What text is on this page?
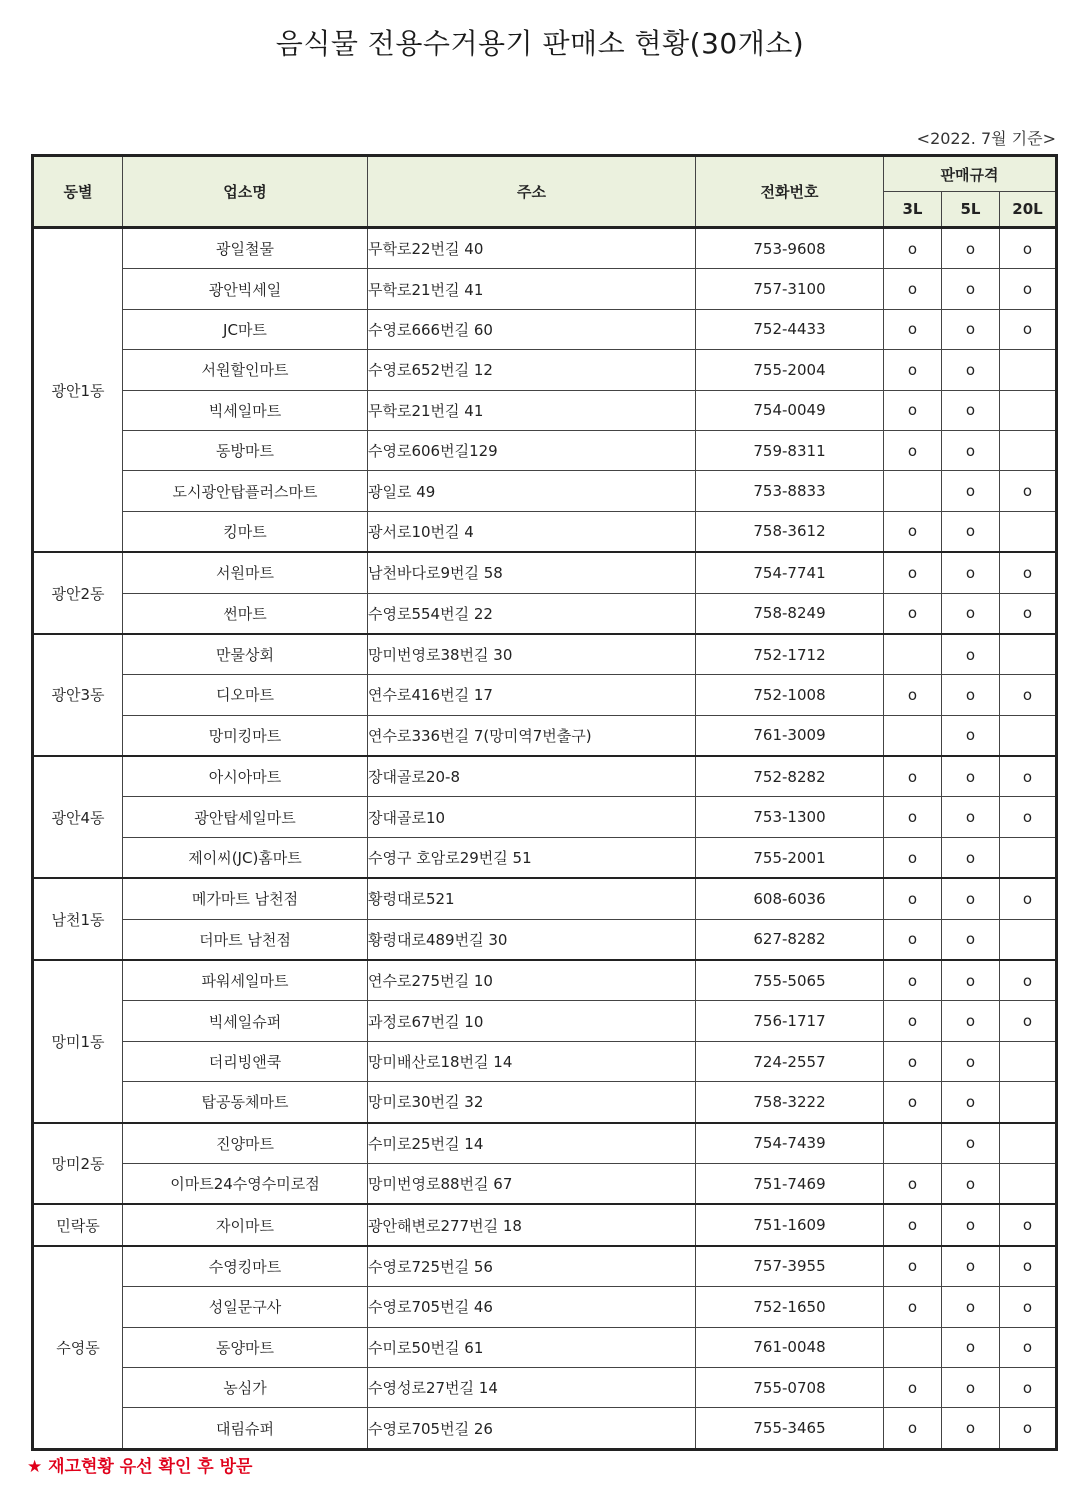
음식물 전용수거용기 판매소 현황(30개소)
<2022. 7월 기준>
동별	업소명	주소	전화번호	판매규격		
				3L	5L	20L
광안1동	광일철물	무학로22번길 40	753-9608	o	o	o
	광안빅세일	무학로21번길 41	757-3100	o	o	o
	JC마트	수영로666번길 60	752-4433	o	o	o
	서원할인마트	수영로652번길 12	755-2004	o	o	
	빅세일마트	무학로21번길 41	754-0049	o	o	
	동방마트	수영로606번길129	759-8311	o	o	
	도시광안탑플러스마트	광일로 49	753-8833		o	o
	킹마트	광서로10번길 4	758-3612	o	o	
광안2동	서원마트	남천바다로9번길 58	754-7741	o	o	o
	썬마트	수영로554번길 22	758-8249	o	o	o
광안3동	만물상회	망미번영로38번길 30	752-1712		o	
	디오마트	연수로416번길 17	752-1008	o	o	o
	망미킹마트	연수로336번길 7(망미역7번출구)	761-3009		o	
광안4동	아시아마트	장대골로20-8	752-8282	o	o	o
	광안탑세일마트	장대골로10	753-1300	o	o	o
	제이씨(JC)홈마트	수영구 호암로29번길 51	755-2001	o	o	
남천1동	메가마트 남천점	황령대로521	608-6036	o	o	o
	더마트 남천점	황령대로489번길 30	627-8282	o	o	
망미1동	파워세일마트	연수로275번길 10	755-5065	o	o	o
	빅세일슈퍼	과정로67번길 10	756-1717	o	o	o
	더리빙앤쿡	망미배산로18번길 14	724-2557	o	o	
	탑공동체마트	망미로30번길 32	758-3222	o	o	
망미2동	진양마트	수미로25번길 14	754-7439		o	
	이마트24수영수미로점	망미번영로88번길 67	751-7469	o	o	
민락동	자이마트	광안해변로277번길 18	751-1609	o	o	o
수영동	수영킹마트	수영로725번길 56	757-3955	o	o	o
	성일문구사	수영로705번길 46	752-1650	o	o	o
	동양마트	수미로50번길 61	761-0048		o	o
	농심가	수영성로27번길 14	755-0708	o	o	o
	대림슈퍼	수영로705번길 26	755-3465	o	o	o
★ 재고현황 유선 확인 후 방문
